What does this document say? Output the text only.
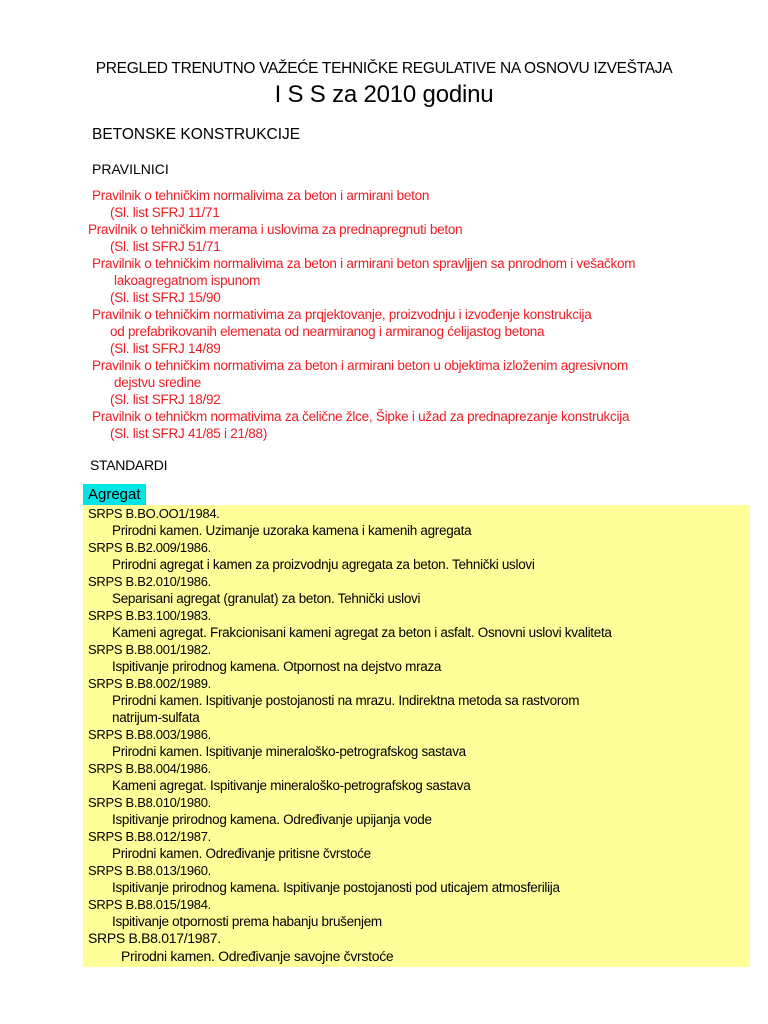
PREGLED TRENUTNO VAŽEĆE TEHNIČKE REGULATIVE NA OSNOVU IZVEŠTAJA
I S S za 2010 godinu
BETONSKE KONSTRUKCIJE
PRAVILNICI
Pravilnik o tehničkim normalivima za beton i armirani beton
(Sl. list SFRJ 11/71
Pravilnik o tehničkim merama i uslovima za prednapregnuti beton
(Sl. list SFRJ 51/71
Pravilnik o tehničkim normalivima za beton i armirani beton spravljjen sa pnrodnom i vešačkom
lakoagregatnom ispunom
(Sl. list SFRJ 15/90
Pravilnik o tehničkim normativima za prqjektovanje, proizvodnju i izvođenje konstrukcija
od prefabrikovanih elemenata od nearmiranog i armiranog ćelijastog betona
(Sl. list SFRJ 14/89
Pravilnik o tehničkim normativima za beton i armirani beton u objektima izloženim agresivnom
dejstvu sredine
(Sl. list SFRJ 18/92
Pravilnik o tehničkm normativima za čelične žlce, Šipke i užad za prednaprezanje konstrukcija
(Sl. list SFRJ 41/85 i 21/88)
STANDARDI
Agregat
SRPS B.BO.OO1/1984.
Prirodni kamen. Uzimanje uzoraka kamena i kamenih agregata
SRPS B.B2.009/1986.
Prirodni agregat i kamen za proizvodnju agregata za beton. Tehnički uslovi
SRPS B.B2.010/1986.
Separisani agregat (granulat) za beton. Tehnički uslovi
SRPS B.B3.100/1983.
Kameni agregat. Frakcionisani kameni agregat za beton i asfalt. Osnovni uslovi kvaliteta
SRPS B.B8.001/1982.
Ispitivanje prirodnog kamena. Otpornost na dejstvo mraza
SRPS B.B8.002/1989.
Prirodni kamen. Ispitivanje postojanosti na mrazu. Indirektna metoda sa rastvorom
natrijum-sulfata
SRPS B.B8.003/1986.
Prirodni kamen. Ispitivanje mineraloško-petrografskog sastava
SRPS B.B8.004/1986.
Kameni agregat. Ispitivanje mineraloško-petrografskog sastava
SRPS B.B8.010/1980.
Ispitivanje prirodnog kamena. Određivanje upijanja vode
SRPS B.B8.012/1987.
Prirodni kamen. Određivanje pritisne čvrstoće
SRPS B.B8.013/1960.
Ispitivanje prirodnog kamena. Ispitivanje postojanosti pod uticajem atmosferilija
SRPS B.B8.015/1984.
Ispitivanje otpornosti prema habanju brušenjem
SRPS B.B8.017/1987.
Prirodni kamen. Određivanje savojne čvrstoće
